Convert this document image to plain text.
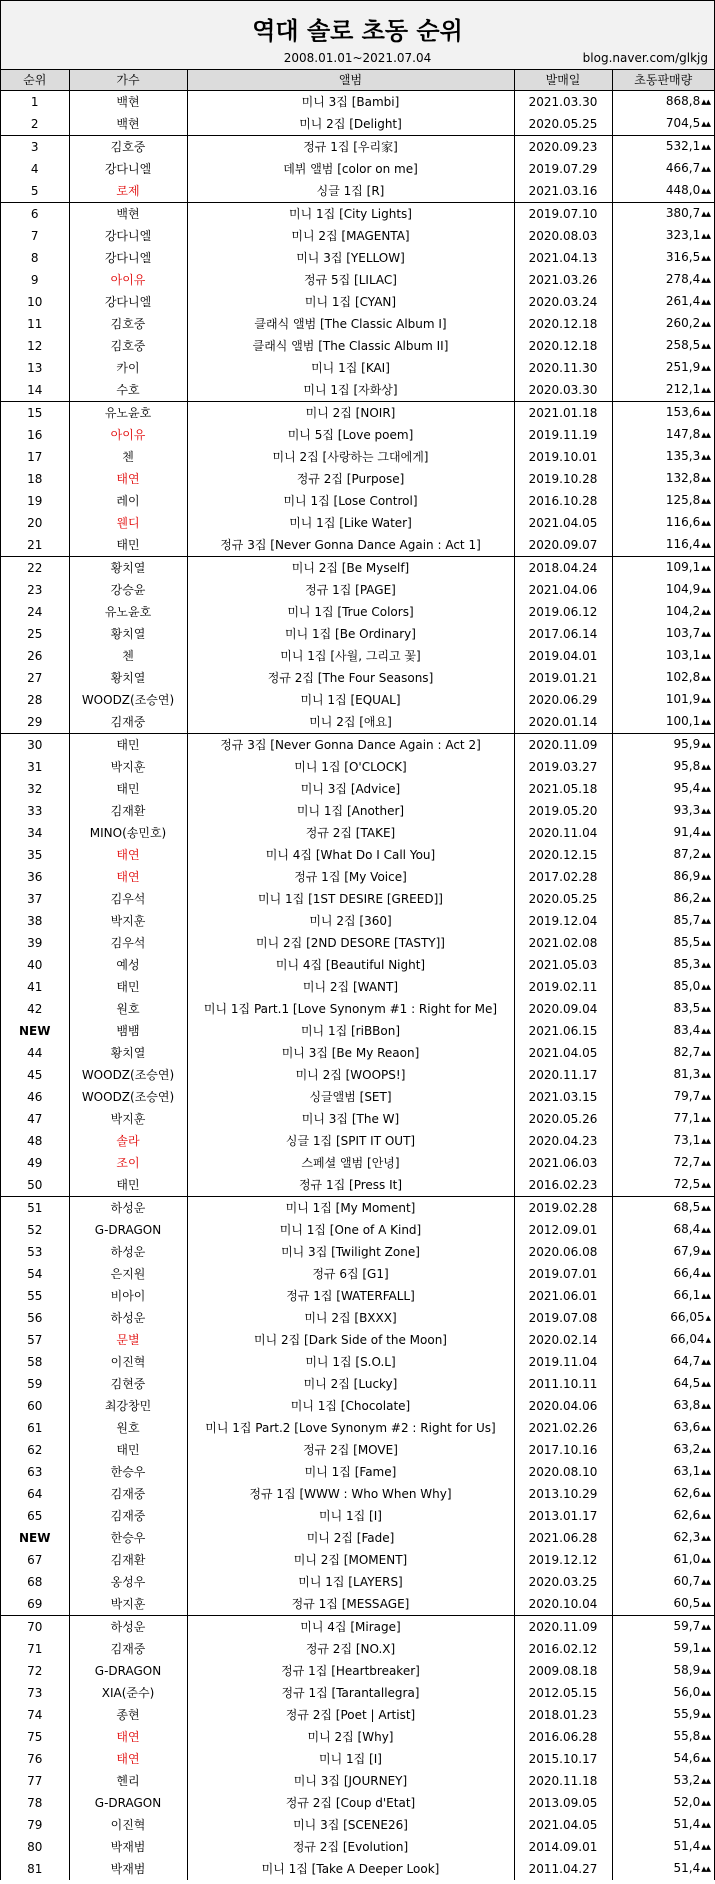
역대 솔로 초동 순위
2008.01.01~2021.07.04	blog.naver.com/glkjg
순위	가수	앨범	발매일	초동판매량
1	백현	미니 3집 [Bambi]	2021.03.30	868,8▲▲
2	백현	미니 2집 [Delight]	2020.05.25	704,5▲▲
3	김호중	정규 1집 [우리家]	2020.09.23	532,1▲▲
4	강다니엘	데뷔 앨범 [color on me]	2019.07.29	466,7▲▲
5	로제	싱글 1집 [R]	2021.03.16	448,0▲▲
6	백현	미니 1집 [City Lights]	2019.07.10	380,7▲▲
7	강다니엘	미니 2집 [MAGENTA]	2020.08.03	323,1▲▲
8	강다니엘	미니 3집 [YELLOW]	2021.04.13	316,5▲▲
9	아이유	정규 5집 [LILAC]	2021.03.26	278,4▲▲
10	강다니엘	미니 1집 [CYAN]	2020.03.24	261,4▲▲
11	김호중	클래식 앨범 [The Classic Album I]	2020.12.18	260,2▲▲
12	김호중	클래식 앨범 [The Classic Album II]	2020.12.18	258,5▲▲
13	카이	미니 1집 [KAI]	2020.11.30	251,9▲▲
14	수호	미니 1집 [자화상]	2020.03.30	212,1▲▲
15	유노윤호	미니 2집 [NOIR]	2021.01.18	153,6▲▲
16	아이유	미니 5집 [Love poem]	2019.11.19	147,8▲▲
17	첸	미니 2집 [사랑하는 그대에게]	2019.10.01	135,3▲▲
18	태연	정규 2집 [Purpose]	2019.10.28	132,8▲▲
19	레이	미니 1집 [Lose Control]	2016.10.28	125,8▲▲
20	웬디	미니 1집 [Like Water]	2021.04.05	116,6▲▲
21	태민	정규 3집 [Never Gonna Dance Again : Act 1]	2020.09.07	116,4▲▲
22	황치열	미니 2집 [Be Myself]	2018.04.24	109,1▲▲
23	강승윤	정규 1집 [PAGE]	2021.04.06	104,9▲▲
24	유노윤호	미니 1집 [True Colors]	2019.06.12	104,2▲▲
25	황치열	미니 1집 [Be Ordinary]	2017.06.14	103,7▲▲
26	첸	미니 1집 [사월, 그리고 꽃]	2019.04.01	103,1▲▲
27	황치열	정규 2집 [The Four Seasons]	2019.01.21	102,8▲▲
28	WOODZ(조승연)	미니 1집 [EQUAL]	2020.06.29	101,9▲▲
29	김재중	미니 2집 [애요]	2020.01.14	100,1▲▲
30	태민	정규 3집 [Never Gonna Dance Again : Act 2]	2020.11.09	95,9▲▲
31	박지훈	미니 1집 [O'CLOCK]	2019.03.27	95,8▲▲
32	태민	미니 3집 [Advice]	2021.05.18	95,4▲▲
33	김재환	미니 1집 [Another]	2019.05.20	93,3▲▲
34	MINO(송민호)	정규 2집 [TAKE]	2020.11.04	91,4▲▲
35	태연	미니 4집 [What Do I Call You]	2020.12.15	87,2▲▲
36	태연	정규 1집 [My Voice]	2017.02.28	86,9▲▲
37	김우석	미니 1집 [1ST DESIRE [GREED]]	2020.05.25	86,2▲▲
38	박지훈	미니 2집 [360]	2019.12.04	85,7▲▲
39	김우석	미니 2집 [2ND DESORE [TASTY]]	2021.02.08	85,5▲▲
40	예성	미니 4집 [Beautiful Night]	2021.05.03	85,3▲▲
41	태민	미니 2집 [WANT]	2019.02.11	85,0▲▲
42	원호	미니 1집 Part.1 [Love Synonym #1 : Right for Me]	2020.09.04	83,5▲▲
NEW	뱀뱀	미니 1집 [riBBon]	2021.06.15	83,4▲▲
44	황치열	미니 3집 [Be My Reaon]	2021.04.05	82,7▲▲
45	WOODZ(조승연)	미니 2집 [WOOPS!]	2020.11.17	81,3▲▲
46	WOODZ(조승연)	싱글앨범 [SET]	2021.03.15	79,7▲▲
47	박지훈	미니 3집 [The W]	2020.05.26	77,1▲▲
48	솔라	싱글 1집 [SPIT IT OUT]	2020.04.23	73,1▲▲
49	조이	스페셜 앨범 [안녕]	2021.06.03	72,7▲▲
50	태민	정규 1집 [Press It]	2016.02.23	72,5▲▲
51	하성운	미니 1집 [My Moment]	2019.02.28	68,5▲▲
52	G-DRAGON	미니 1집 [One of A Kind]	2012.09.01	68,4▲▲
53	하성운	미니 3집 [Twilight Zone]	2020.06.08	67,9▲▲
54	은지원	정규 6집 [G1]	2019.07.01	66,4▲▲
55	비아이	정규 1집 [WATERFALL]	2021.06.01	66,1▲▲
56	하성운	미니 2집 [BXXX]	2019.07.08	66,05▲
57	문별	미니 2집 [Dark Side of the Moon]	2020.02.14	66,04▲
58	이진혁	미니 1집 [S.O.L]	2019.11.04	64,7▲▲
59	김현중	미니 2집 [Lucky]	2011.10.11	64,5▲▲
60	최강창민	미니 1집 [Chocolate]	2020.04.06	63,8▲▲
61	원호	미니 1집 Part.2 [Love Synonym #2 : Right for Us]	2021.02.26	63,6▲▲
62	태민	정규 2집 [MOVE]	2017.10.16	63,2▲▲
63	한승우	미니 1집 [Fame]	2020.08.10	63,1▲▲
64	김재중	정규 1집 [WWW : Who When Why]	2013.10.29	62,6▲▲
65	김재중	미니 1집 [I]	2013.01.17	62,6▲▲
NEW	한승우	미니 2집 [Fade]	2021.06.28	62,3▲▲
67	김재환	미니 2집 [MOMENT]	2019.12.12	61,0▲▲
68	옹성우	미니 1집 [LAYERS]	2020.03.25	60,7▲▲
69	박지훈	정규 1집 [MESSAGE]	2020.10.04	60,5▲▲
70	하성운	미니 4집 [Mirage]	2020.11.09	59,7▲▲
71	김재중	정규 2집 [NO.X]	2016.02.12	59,1▲▲
72	G-DRAGON	정규 1집 [Heartbreaker]	2009.08.18	58,9▲▲
73	XIA(준수)	정규 1집 [Tarantallegra]	2012.05.15	56,0▲▲
74	종현	정규 2집 [Poet | Artist]	2018.01.23	55,9▲▲
75	태연	미니 2집 [Why]	2016.06.28	55,8▲▲
76	태연	미니 1집 [I]	2015.10.17	54,6▲▲
77	헨리	미니 3집 [JOURNEY]	2020.11.18	53,2▲▲
78	G-DRAGON	정규 2집 [Coup d'Etat]	2013.09.05	52,0▲▲
79	이진혁	미니 3집 [SCENE26]	2021.04.05	51,4▲▲
80	박재범	정규 2집 [Evolution]	2014.09.01	51,4▲▲
81	박재범	미니 1집 [Take A Deeper Look]	2011.04.27	51,4▲▲
